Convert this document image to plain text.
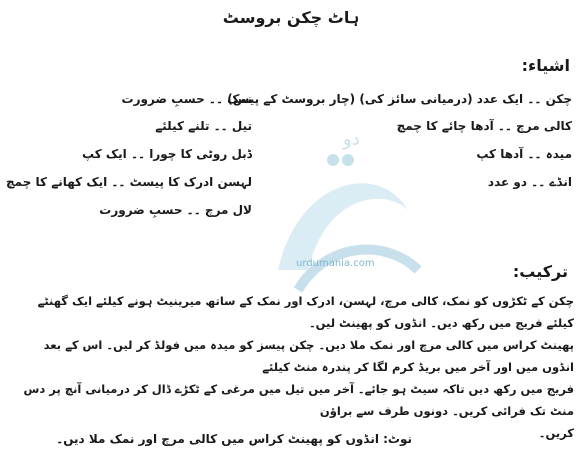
دو
urdumania.com
ہاٹ چکن بروسٹ
اشیاء:
چکن ۔۔ ایک عدد (درمیانی سائز کی) (چار بروسٹ کے پیس)
کالی مرچ ۔۔ آدھا چائے کا چمچ
میدہ ۔۔ آدھا کپ
انڈے ۔۔ دو عدد
نمک ۔۔ حسبِ ضرورت
تیل ۔۔ تلنے کیلئے
ڈبل روٹی کا چورا ۔۔ ایک کپ
لہسن ادرک کا پیسٹ ۔۔ ایک کھانے کا چمچ
لال مرچ ۔۔ حسبِ ضرورت
ترکیب:

چکن کے ٹکڑوں کو نمک، کالی مرچ، لہسن، ادرک اور نمک کے ساتھ میرینیٹ ہونے کیلئے ایک گھنٹے کیلئے فریج میں رکھ دیں۔ انڈوں کو پھینٹ لیں۔

پھینٹ کراس میں کالی مرچ اور نمک ملا دیں۔ چکن پیسز کو میدہ میں فولڈ کر لیں۔ اس کے بعد انڈوں میں اور آخر میں بریڈ کرم لگا کر پندرہ منٹ کیلئے

فریج میں رکھ دیں تاکہ سیٹ ہو جائے۔ آخر میں تیل میں مرغی کے ٹکڑے ڈال کر درمیانی آنچ پر دس منٹ تک فرائی کریں۔ دونوں طرف سے براؤن

کریں۔

نوٹ: انڈوں کو پھینٹ کراس میں کالی مرچ اور نمک ملا دیں۔
